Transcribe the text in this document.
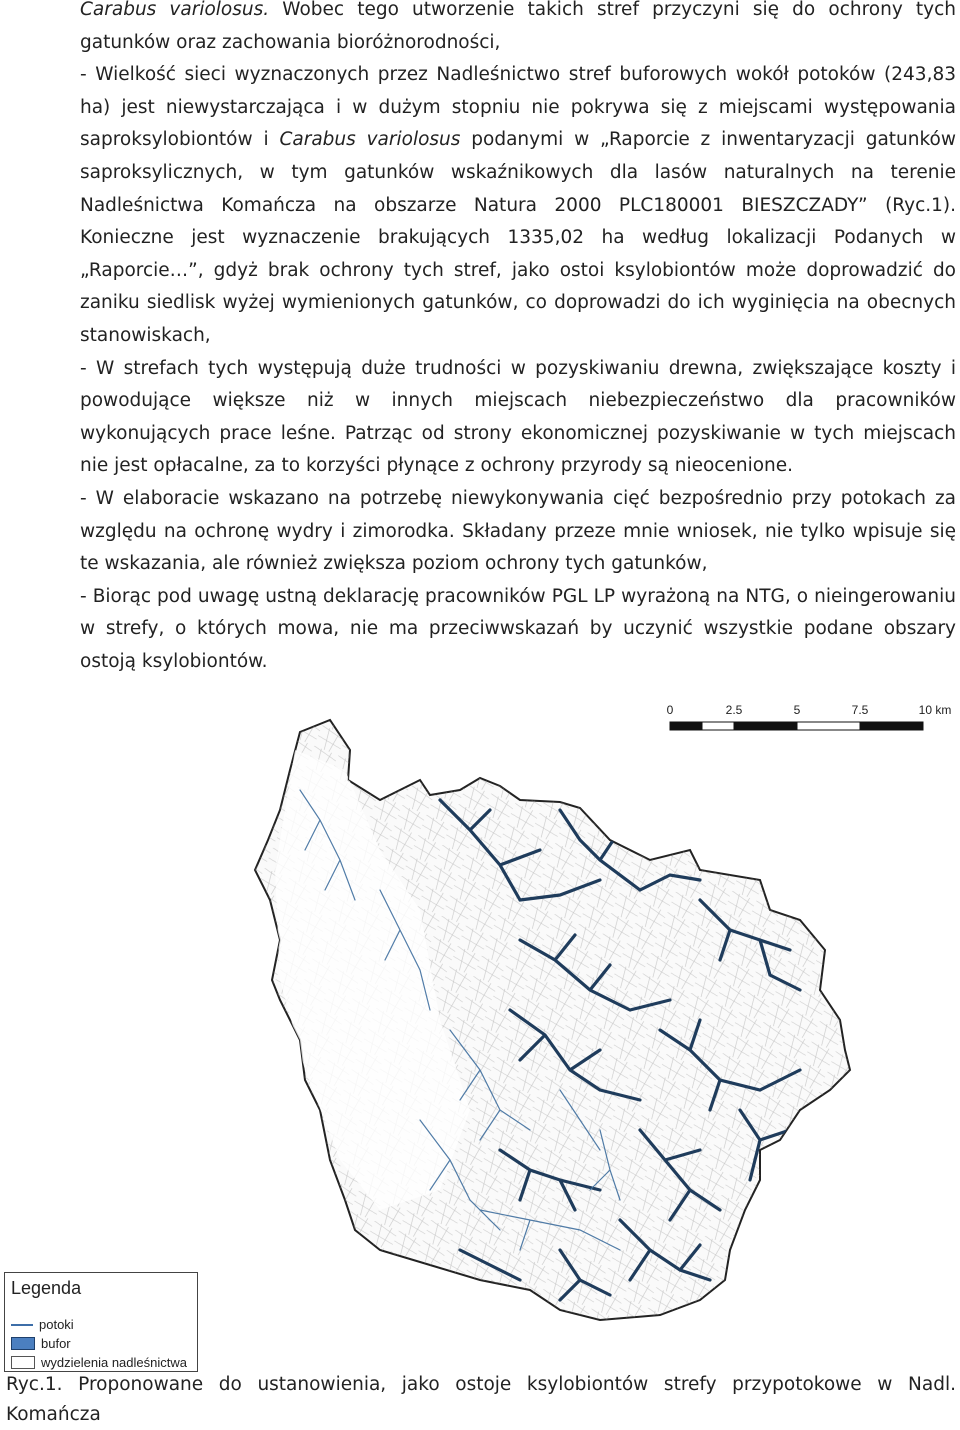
Carabus variolosus. Wobec tego utworzenie takich stref przyczyni się do ochrony tych gatunków oraz zachowania bioróżnorodności,

- Wielkość sieci wyznaczonych przez Nadleśnictwo stref buforowych wokół potoków (243,83 ha) jest niewystarczająca i w dużym stopniu nie pokrywa się z miejscami występowania saproksylobiontów i Carabus variolosus podanymi w „Raporcie z inwentaryzacji gatunków saproksylicznych, w tym gatunków wskaźnikowych dla lasów naturalnych na terenie Nadleśnictwa Komańcza na obszarze Natura 2000 PLC180001 BIESZCZADY” (Ryc.1). Konieczne jest wyznaczenie brakujących 1335,02 ha według lokalizacji Podanych w „Raporcie…”, gdyż brak ochrony tych stref, jako ostoi ksylobiontów może doprowadzić do zaniku siedlisk wyżej wymienionych gatunków, co doprowadzi do ich wyginięcia na obecnych stanowiskach,

- W strefach tych występują duże trudności w pozyskiwaniu drewna, zwiększające koszty i powodujące większe niż w innych miejscach niebezpieczeństwo dla pracowników wykonujących prace leśne. Patrząc od strony ekonomicznej pozyskiwanie w tych miejscach nie jest opłacalne, za to korzyści płynące z ochrony przyrody są nieocenione.

- W elaboracie wskazano na potrzebę niewykonywania cięć bezpośrednio przy potokach za względu na ochronę wydry i zimorodka. Składany przeze mnie wniosek, nie tylko wpisuje się te wskazania, ale również zwiększa poziom ochrony tych gatunków,

- Biorąc pod uwagę ustną deklarację pracowników PGL LP wyrażoną na NTG, o nieingerowaniu w strefy, o których mowa, nie ma przeciwwskazań by uczynić wszystkie podane obszary ostoją ksylobiontów.

0	2.5	5	7.5	10 km
Legenda
potoki
bufor
wydzielenia nadleśnictwa
Ryc.1. Proponowane do ustanowienia, jako ostoje ksylobiontów strefy przypotokowe w Nadl. Komańcza
